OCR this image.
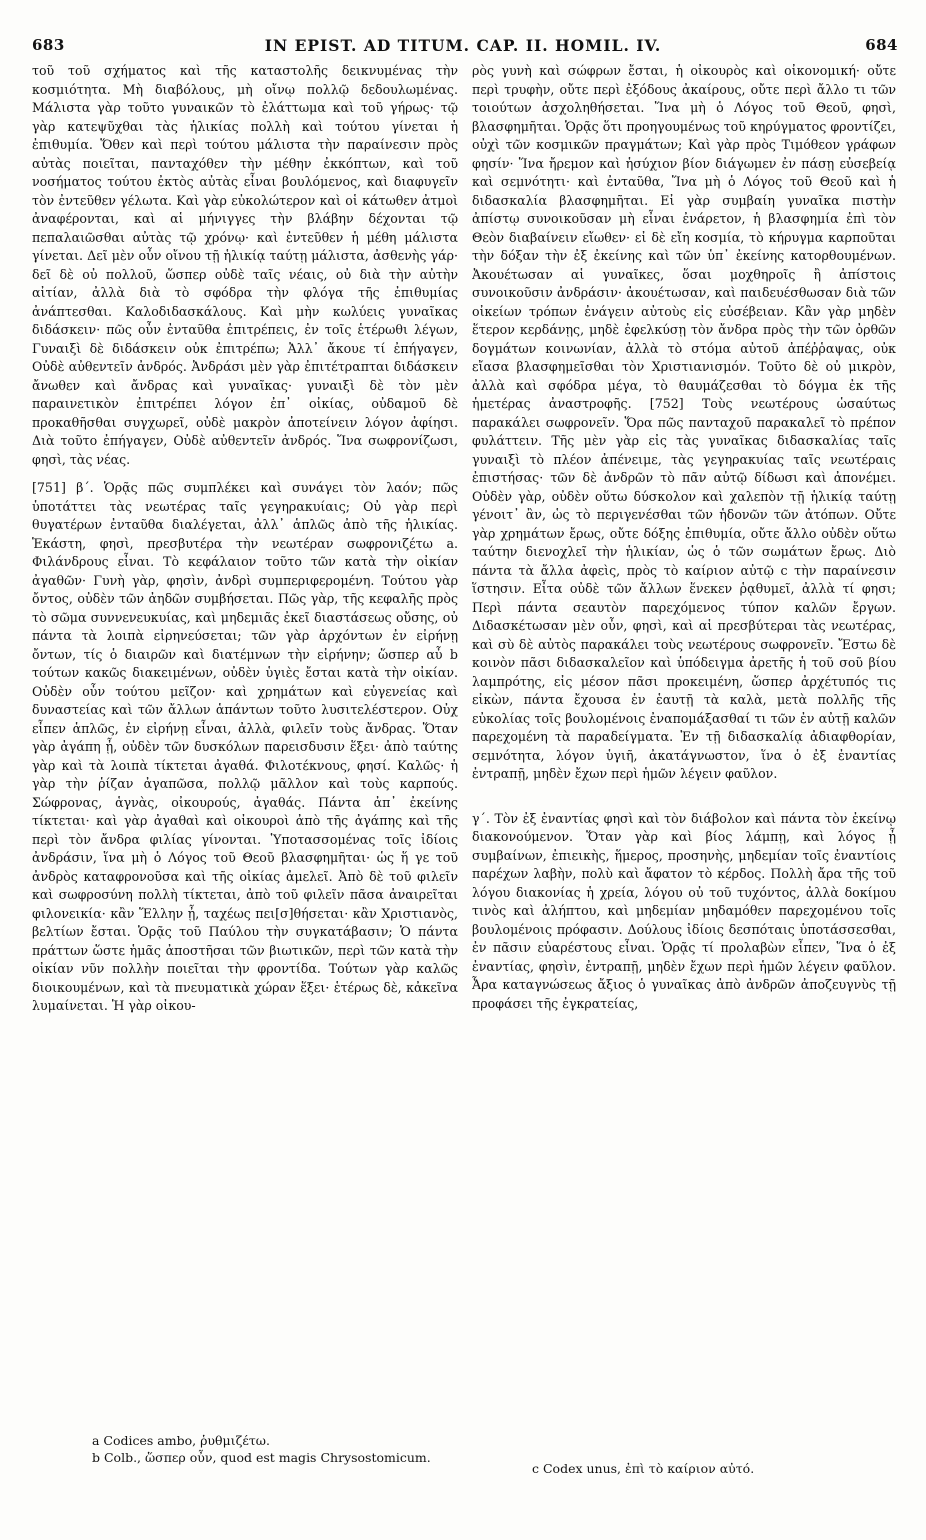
683	IN EPIST. AD TITUM. CAP. II. HOMIL. IV.	684

τοῦ τοῦ σχήματος καὶ τῆς καταστολῆς δεικνυμένας τὴν κοσμιότητα. Μὴ διαβόλους, μὴ οἴνῳ πολλῷ δεδουλωμένας. Μάλιστα γὰρ τοῦτο γυναικῶν τὸ ἐλάττωμα καὶ τοῦ γήρως· τῷ γὰρ κατεψῦχθαι τὰς ἡλικίας πολλὴ καὶ τούτου γίνεται ἡ ἐπιθυμία. Ὅθεν καὶ περὶ τούτου μάλιστα τὴν παραίνεσιν πρὸς αὐτὰς ποιεῖται, πανταχόθεν τὴν μέθην ἐκκόπτων, καὶ τοῦ νοσήματος τούτου ἐκτὸς αὐτὰς εἶναι βουλόμενος, καὶ διαφυγεῖν τὸν ἐντεῦθεν γέλωτα. Καὶ γὰρ εὐκολώτερον καὶ οἱ κάτωθεν ἀτμοὶ ἀναφέρονται, καὶ αἱ μήνιγγες τὴν βλάβην δέχονται τῷ πεπαλαιῶσθαι αὐτὰς τῷ χρόνῳ· καὶ ἐντεῦθεν ἡ μέθη μάλιστα γίνεται. Δεῖ μὲν οὖν οἴνου τῇ ἡλικίᾳ ταύτῃ μάλιστα, ἀσθενὴς γάρ· δεῖ δὲ οὐ πολλοῦ, ὥσπερ οὐδὲ ταῖς νέαις, οὐ διὰ τὴν αὐτὴν αἰτίαν, ἀλλὰ διὰ τὸ σφόδρα τὴν φλόγα τῆς ἐπιθυμίας ἀνάπτεσθαι. Καλοδιδασκάλους. Καὶ μὴν κωλύεις γυναῖκας διδάσκειν· πῶς οὖν ἐνταῦθα ἐπιτρέπεις, ἐν τοῖς ἑτέρωθι λέγων, Γυναιξὶ δὲ διδάσκειν οὐκ ἐπιτρέπω; Ἀλλ᾽ ἄκουε τί ἐπήγαγεν, Οὐδὲ αὐθεντεῖν ἀνδρός. Ἀνδράσι μὲν γὰρ ἐπιτέτραπται διδάσκειν ἄνωθεν καὶ ἄνδρας καὶ γυναῖκας· γυναιξὶ δὲ τὸν μὲν παραινετικὸν ἐπιτρέπει λόγον ἐπ᾽ οἰκίας, οὐδαμοῦ δὲ προκαθῆσθαι συγχωρεῖ, οὐδὲ μακρὸν ἀποτείνειν λόγον ἀφίησι. Διὰ τοῦτο ἐπήγαγεν, Οὐδὲ αὐθεντεῖν ἀνδρός. Ἵνα σωφρονίζωσι, φησὶ, τὰς νέας.

[751] β΄. Ὁρᾷς πῶς συμπλέκει καὶ συνάγει τὸν λαόν; πῶς ὑποτάττει τὰς νεωτέρας ταῖς γεγηρακυίαις; Οὐ γὰρ περὶ θυγατέρων ἐνταῦθα διαλέγεται, ἀλλ᾽ ἁπλῶς ἀπὸ τῆς ἡλικίας. Ἑκάστη, φησὶ, πρεσβυτέρα τὴν νεωτέραν σωφρονιζέτω a. Φιλάνδρους εἶναι. Τὸ κεφάλαιον τοῦτο τῶν κατὰ τὴν οἰκίαν ἀγαθῶν· Γυνὴ γὰρ, φησὶν, ἀνδρὶ συμπεριφερομένη. Τούτου γὰρ ὄντος, οὐδὲν τῶν ἀηδῶν συμβήσεται. Πῶς γὰρ, τῆς κεφαλῆς πρὸς τὸ σῶμα συννενευκυίας, καὶ μηδεμιᾶς ἐκεῖ διαστάσεως οὔσης, οὐ πάντα τὰ λοιπὰ εἰρηνεύσεται; τῶν γὰρ ἀρχόντων ἐν εἰρήνῃ ὄντων, τίς ὁ διαιρῶν καὶ διατέμνων τὴν εἰρήνην; ὥσπερ αὖ b τούτων κακῶς διακειμένων, οὐδὲν ὑγιὲς ἔσται κατὰ τὴν οἰκίαν. Οὐδὲν οὖν τούτου μεῖζον· καὶ χρημάτων καὶ εὐγενείας καὶ δυναστείας καὶ τῶν ἄλλων ἁπάντων τοῦτο λυσιτελέστερον. Οὐχ εἶπεν ἁπλῶς, ἐν εἰρήνῃ εἶναι, ἀλλὰ, φιλεῖν τοὺς ἄνδρας. Ὅταν γὰρ ἀγάπη ᾖ, οὐδὲν τῶν δυσκόλων παρεισδυσιν ἕξει· ἀπὸ ταύτης γὰρ καὶ τὰ λοιπὰ τίκτεται ἀγαθά. Φιλοτέκνους, φησί. Καλῶς· ἡ γὰρ τὴν ῥίζαν ἀγαπῶσα, πολλῷ μᾶλλον καὶ τοὺς καρπούς. Σώφρονας, ἁγνὰς, οἰκουρούς, ἀγαθάς. Πάντα ἀπ᾽ ἐκείνης τίκτεται· καὶ γὰρ ἀγαθαὶ καὶ οἰκουροὶ ἀπὸ τῆς ἀγάπης καὶ τῆς περὶ τὸν ἄνδρα φιλίας γίνονται. Ὑποτασσομένας τοῖς ἰδίοις ἀνδράσιν, ἵνα μὴ ὁ Λόγος τοῦ Θεοῦ βλασφημῆται· ὡς ἥ γε τοῦ ἀνδρὸς καταφρονοῦσα καὶ τῆς οἰκίας ἀμελεῖ. Ἀπὸ δὲ τοῦ φιλεῖν καὶ σωφροσύνη πολλὴ τίκτεται, ἀπὸ τοῦ φιλεῖν πᾶσα ἀναιρεῖται φιλονεικία· κἂν Ἕλλην ᾖ, ταχέως πει[σ]θήσεται· κἂν Χριστιανὸς, βελτίων ἔσται. Ὁρᾷς τοῦ Παύλου τὴν συγκατάβασιν; Ὁ πάντα πράττων ὥστε ἡμᾶς ἀποστῆσαι τῶν βιωτικῶν, περὶ τῶν κατὰ τὴν οἰκίαν νῦν πολλὴν ποιεῖται τὴν φροντίδα. Τούτων γὰρ καλῶς διοικουμένων, καὶ τὰ πνευματικὰ χώραν ἕξει· ἑτέρως δὲ, κἀκεῖνα λυμαίνεται. Ἡ γὰρ οἰκου-

ρὸς γυνὴ καὶ σώφρων ἔσται, ἡ οἰκουρὸς καὶ οἰκονομική· οὔτε περὶ τρυφὴν, οὔτε περὶ ἐξόδους ἀκαίρους, οὔτε περὶ ἄλλο τι τῶν τοιούτων ἀσχοληθήσεται. Ἵνα μὴ ὁ Λόγος τοῦ Θεοῦ, φησὶ, βλασφημῆται. Ὁρᾷς ὅτι προηγουμένως τοῦ κηρύγματος φροντίζει, οὐχὶ τῶν κοσμικῶν πραγμάτων; Καὶ γὰρ πρὸς Τιμόθεον γράφων φησίν· Ἵνα ἤρεμον καὶ ἡσύχιον βίον διάγωμεν ἐν πάσῃ εὐσεβείᾳ καὶ σεμνότητι· καὶ ἐνταῦθα, Ἵνα μὴ ὁ Λόγος τοῦ Θεοῦ καὶ ἡ διδασκαλία βλασφημῆται. Εἰ γὰρ συμβαίη γυναῖκα πιστὴν ἀπίστῳ συνοικοῦσαν μὴ εἶναι ἐνάρετον, ἡ βλασφημία ἐπὶ τὸν Θεὸν διαβαίνειν εἴωθεν· εἰ δὲ εἴη κοσμία, τὸ κήρυγμα καρποῦται τὴν δόξαν τὴν ἐξ ἐκείνης καὶ τῶν ὑπ᾽ ἐκείνης κατορθουμένων. Ἀκουέτωσαν αἱ γυναῖκες, ὅσαι μοχθηροῖς ἢ ἀπίστοις συνοικοῦσιν ἀνδράσιν· ἀκουέτωσαν, καὶ παιδευέσθωσαν διὰ τῶν οἰκείων τρόπων ἐνάγειν αὐτοὺς εἰς εὐσέβειαν. Κἂν γὰρ μηδὲν ἕτερον κερδάνῃς, μηδὲ ἐφελκύσῃ τὸν ἄνδρα πρὸς τὴν τῶν ὀρθῶν δογμάτων κοινωνίαν, ἀλλὰ τὸ στόμα αὐτοῦ ἀπέῤῥαψας, οὐκ εἴασα βλασφημεῖσθαι τὸν Χριστιανισμόν. Τοῦτο δὲ οὐ μικρὸν, ἀλλὰ καὶ σφόδρα μέγα, τὸ θαυμάζεσθαι τὸ δόγμα ἐκ τῆς ἡμετέρας ἀναστροφῆς. [752] Τοὺς νεωτέρους ὡσαύτως παρακάλει σωφρονεῖν. Ὅρα πῶς πανταχοῦ παρακαλεῖ τὸ πρέπον φυλάττειν. Τῆς μὲν γὰρ εἰς τὰς γυναῖκας διδασκαλίας ταῖς γυναιξὶ τὸ πλέον ἀπένειμε, τὰς γεγηρακυίας ταῖς νεωτέραις ἐπιστήσας· τῶν δὲ ἀνδρῶν τὸ πᾶν αὐτῷ δίδωσι καὶ ἀπονέμει. Οὐδὲν γὰρ, οὐδὲν οὕτω δύσκολον καὶ χαλεπὸν τῇ ἡλικίᾳ ταύτῃ γένοιτ᾽ ἂν, ὡς τὸ περιγενέσθαι τῶν ἡδονῶν τῶν ἀτόπων. Οὔτε γὰρ χρημάτων ἔρως, οὔτε δόξης ἐπιθυμία, οὔτε ἄλλο οὐδὲν οὕτω ταύτην διενοχλεῖ τὴν ἡλικίαν, ὡς ὁ τῶν σωμάτων ἔρως. Διὸ πάντα τὰ ἄλλα ἀφεὶς, πρὸς τὸ καίριον αὐτῷ c τὴν παραίνεσιν ἵστησιν. Εἶτα οὐδὲ τῶν ἄλλων ἕνεκεν ῥᾳθυμεῖ, ἀλλὰ τί φησι; Περὶ πάντα σεαυτὸν παρεχόμενος τύπον καλῶν ἔργων. Διδασκέτωσαν μὲν οὖν, φησὶ, καὶ αἱ πρεσβύτεραι τὰς νεωτέρας, καὶ σὺ δὲ αὐτὸς παρακάλει τοὺς νεωτέρους σωφρονεῖν. Ἔστω δὲ κοινὸν πᾶσι διδασκαλεῖον καὶ ὑπόδειγμα ἀρετῆς ἡ τοῦ σοῦ βίου λαμπρότης, εἰς μέσον πᾶσι προκειμένη, ὥσπερ ἀρχέτυπός τις εἰκὼν, πάντα ἔχουσα ἐν ἑαυτῇ τὰ καλὰ, μετὰ πολλῆς τῆς εὐκολίας τοῖς βουλομένοις ἐναπομάξασθαί τι τῶν ἐν αὐτῇ καλῶν παρεχομένη τὰ παραδείγματα. Ἐν τῇ διδασκαλίᾳ ἀδιαφθορίαν, σεμνότητα, λόγον ὑγιῆ, ἀκατάγνωστον, ἵνα ὁ ἐξ ἐναντίας ἐντραπῇ, μηδὲν ἔχων περὶ ἡμῶν λέγειν φαῦλον.

γ΄. Τὸν ἐξ ἐναντίας φησὶ καὶ τὸν διάβολον καὶ πάντα τὸν ἐκείνῳ διακονούμενον. Ὅταν γὰρ καὶ βίος λάμπῃ, καὶ λόγος ᾖ συμβαίνων, ἐπιεικὴς, ἥμερος, προσηνὴς, μηδεμίαν τοῖς ἐναντίοις παρέχων λαβὴν, πολὺ καὶ ἄφατον τὸ κέρδος. Πολλὴ ἄρα τῆς τοῦ λόγου διακονίας ἡ χρεία, λόγου οὐ τοῦ τυχόντος, ἀλλὰ δοκίμου τινὸς καὶ ἀλήπτου, καὶ μηδεμίαν μηδαμόθεν παρεχομένου τοῖς βουλομένοις πρόφασιν. Δούλους ἰδίοις δεσπόταις ὑποτάσσεσθαι, ἐν πᾶσιν εὐαρέστους εἶναι. Ὁρᾷς τί προλαβὼν εἶπεν, Ἵνα ὁ ἐξ ἐναντίας, φησὶν, ἐντραπῇ, μηδὲν ἔχων περὶ ἡμῶν λέγειν φαῦλον. Ἆρα καταγνώσεως ἄξιος ὁ γυναῖκας ἀπὸ ἀνδρῶν ἀποζευγνὺς τῇ προφάσει τῆς ἐγκρατείας,

a Codices ambo, ῥυθμιζέτω.
b Colb., ὥσπερ οὖν, quod est magis Chrysostomicum.
c Codex unus, ἐπὶ τὸ καίριον αὐτό.
